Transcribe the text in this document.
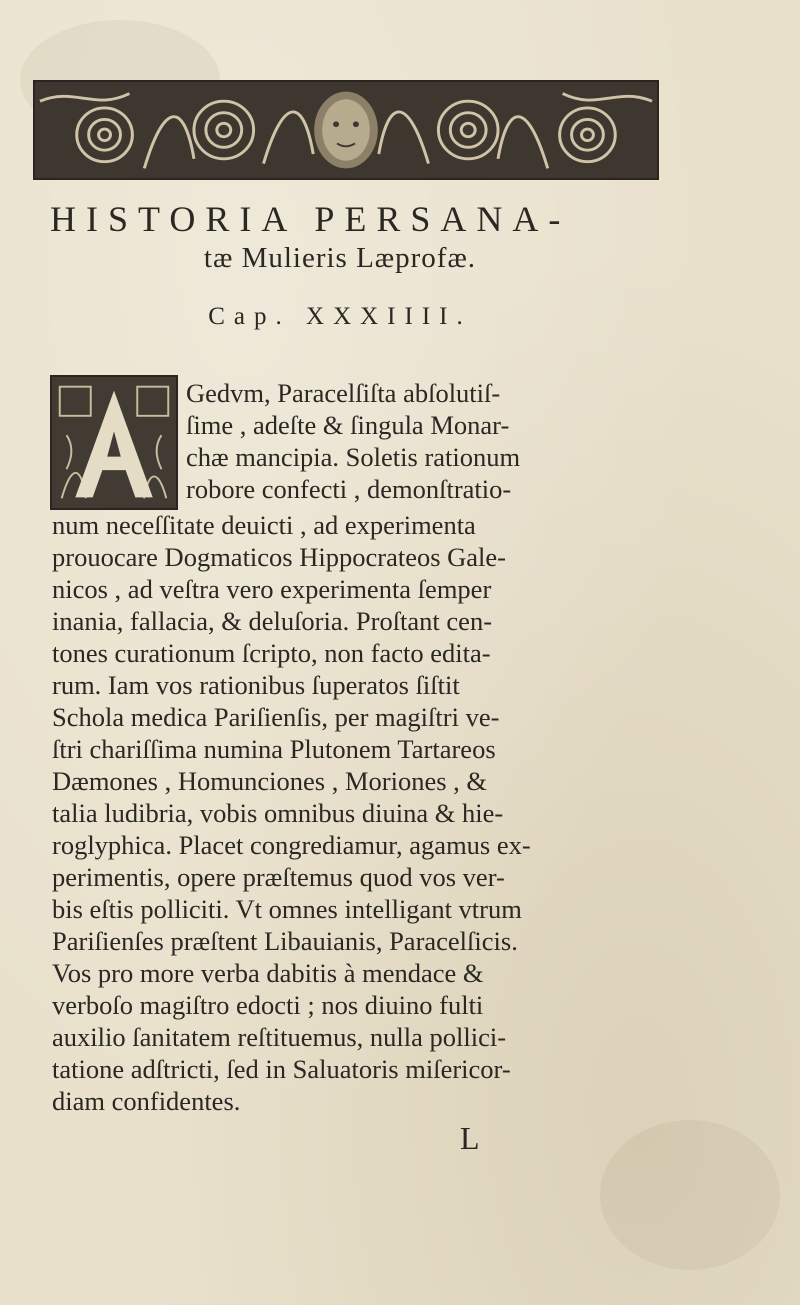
HISTORIA PERSANA-
tæ Mulieris Læprofæ.
Cap. XXXIIII.
Gedvm, Paracelſiſta abſolutiſ-
ſime , adeſte & ſingula Monar-
chæ mancipia. Soletis rationum
robore confecti , demonſtratio-
num neceſſitate deuicti , ad experimenta
prouocare Dogmaticos Hippocrateos Gale-
nicos , ad veſtra vero experimenta ſemper
inania, fallacia, & deluſoria. Proſtant cen-
tones curationum ſcripto, non facto edita-
rum. Iam vos rationibus ſuperatos ſiſtit
Schola medica Pariſienſis, per magiſtri ve-
ſtri chariſſima numina Plutonem Tartareos
Dæmones , Homunciones , Moriones , &
talia ludibria, vobis omnibus diuina & hie-
roglyphica. Placet congrediamur, agamus ex-
perimentis, opere præſtemus quod vos ver-
bis eſtis polliciti. Vt omnes intelligant vtrum
Pariſienſes præſtent Libauianis, Paracelſicis.
Vos pro more verba dabitis à mendace &
verboſo magiſtro edocti ; nos diuino fulti
auxilio ſanitatem reſtituemus, nulla pollici-
tatione adſtricti, ſed in Saluatoris miſericor-
diam confidentes.
L
